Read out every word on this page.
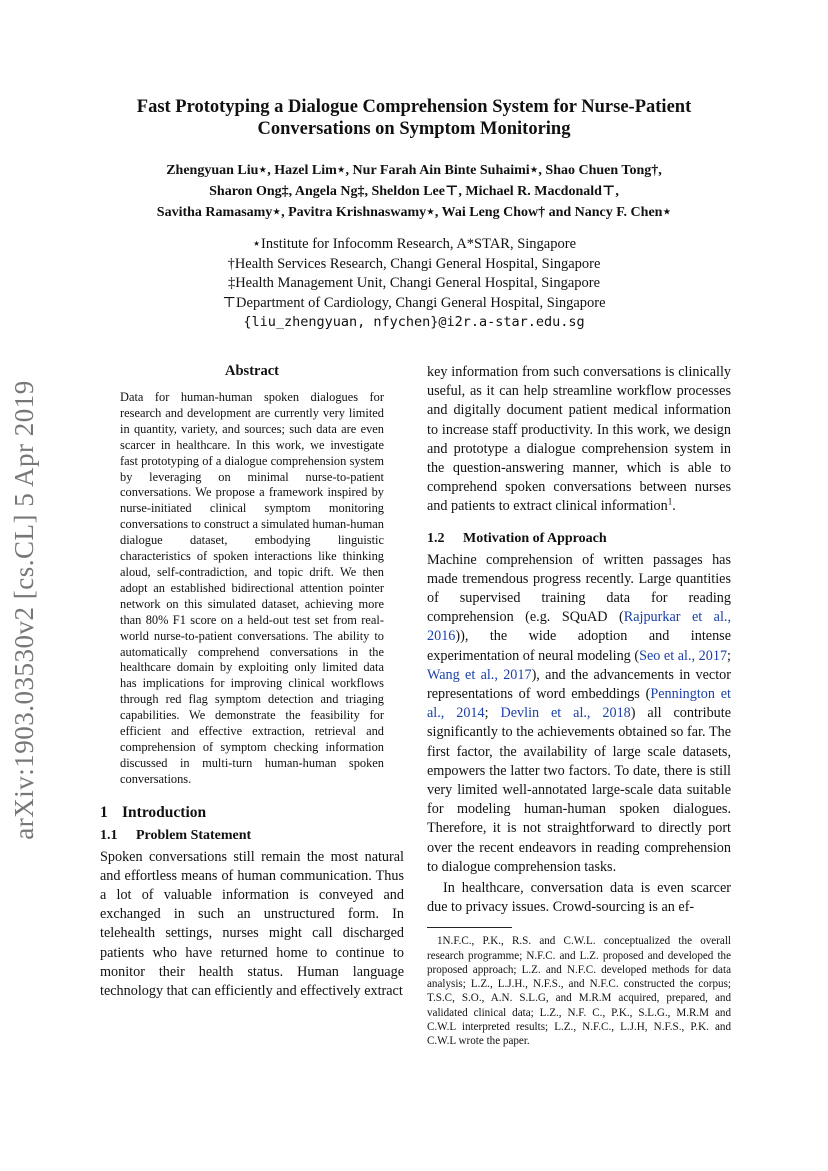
arXiv:1903.03530v2 [cs.CL] 5 Apr 2019
Fast Prototyping a Dialogue Comprehension System for Nurse-Patient Conversations on Symptom Monitoring
Zhengyuan Liu⋆, Hazel Lim⋆, Nur Farah Ain Binte Suhaimi⋆, Shao Chuen Tong†,
Sharon Ong‡, Angela Ng‡, Sheldon Lee⊤, Michael R. Macdonald⊤,
Savitha Ramasamy⋆, Pavitra Krishnaswamy⋆, Wai Leng Chow† and Nancy F. Chen⋆
⋆Institute for Infocomm Research, A*STAR, Singapore
†Health Services Research, Changi General Hospital, Singapore
‡Health Management Unit, Changi General Hospital, Singapore
⊤Department of Cardiology, Changi General Hospital, Singapore
{liu_zhengyuan, nfychen}@i2r.a-star.edu.sg
Abstract

Data for human-human spoken dialogues for research and development are currently very limited in quantity, variety, and sources; such data are even scarcer in healthcare. In this work, we investigate fast prototyping of a dialogue comprehension system by leveraging on minimal nurse-to-patient conversations. We propose a framework inspired by nurse-initiated clinical symptom monitoring conversations to construct a simulated human-human dialogue dataset, embodying linguistic characteristics of spoken interactions like thinking aloud, self-contradiction, and topic drift. We then adopt an established bidirectional attention pointer network on this simulated dataset, achieving more than 80% F1 score on a held-out test set from real-world nurse-to-patient conversations. The ability to automatically comprehend conversations in the healthcare domain by exploiting only limited data has implications for improving clinical workflows through red flag symptom detection and triaging capabilities. We demonstrate the feasibility for efficient and effective extraction, retrieval and comprehension of symptom checking information discussed in multi-turn human-human spoken conversations.

1 Introduction
1.1 Problem Statement

Spoken conversations still remain the most natural and effortless means of human communication. Thus a lot of valuable information is conveyed and exchanged in such an unstructured form. In telehealth settings, nurses might call discharged patients who have returned home to continue to monitor their health status. Human language technology that can efficiently and effectively extract

key information from such conversations is clinically useful, as it can help streamline workflow processes and digitally document patient medical information to increase staff productivity. In this work, we design and prototype a dialogue comprehension system in the question-answering manner, which is able to comprehend spoken conversations between nurses and patients to extract clinical information$^1$.

1.2 Motivation of Approach

Machine comprehension of written passages has made tremendous progress recently. Large quantities of supervised training data for reading comprehension (e.g. SQuAD (Rajpurkar et al., 2016)), the wide adoption and intense experimentation of neural modeling (Seo et al., 2017; Wang et al., 2017), and the advancements in vector representations of word embeddings (Pennington et al., 2014; Devlin et al., 2018) all contribute significantly to the achievements obtained so far. The first factor, the availability of large scale datasets, empowers the latter two factors. To date, there is still very limited well-annotated large-scale data suitable for modeling human-human spoken dialogues. Therefore, it is not straightforward to directly port over the recent endeavors in reading comprehension to dialogue comprehension tasks.

In healthcare, conversation data is even scarcer due to privacy issues. Crowd-sourcing is an ef-

1N.F.C., P.K., R.S. and C.W.L. conceptualized the overall research programme; N.F.C. and L.Z. proposed and developed the proposed approach; L.Z. and N.F.C. developed methods for data analysis; L.Z., L.J.H., N.F.S., and N.F.C. constructed the corpus; T.S.C, S.O., A.N. S.L.G, and M.R.M acquired, prepared, and validated clinical data; L.Z., N.F. C., P.K., S.L.G., M.R.M and C.W.L interpreted results; L.Z., N.F.C., L.J.H, N.F.S., P.K. and C.W.L wrote the paper.
